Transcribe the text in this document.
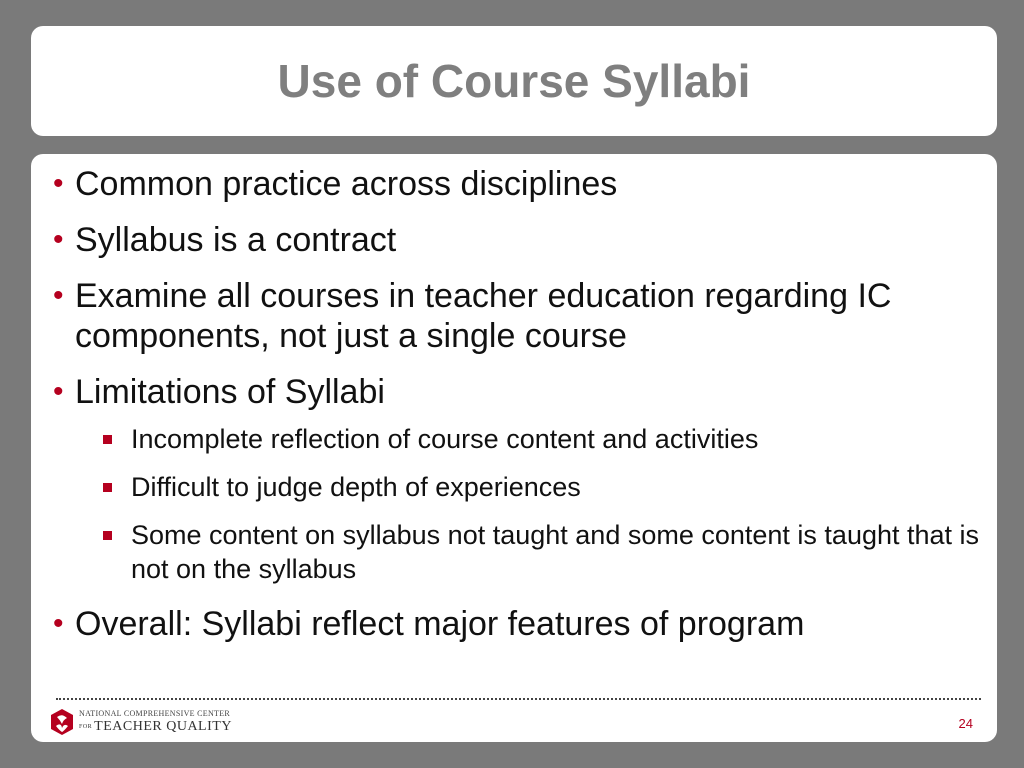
Use of Course Syllabi
• Common practice across disciplines
• Syllabus is a contract
• Examine all courses in teacher education regarding IC components, not just a single course
• Limitations of Syllabi
Incomplete reflection of course content and activities
Difficult to judge depth of experiences
Some content on syllabus not taught and some content is taught that is not on the syllabus
• Overall: Syllabi reflect major features of program
NATIONAL COMPREHENSIVE CENTER
FOR TEACHER QUALITY	24
